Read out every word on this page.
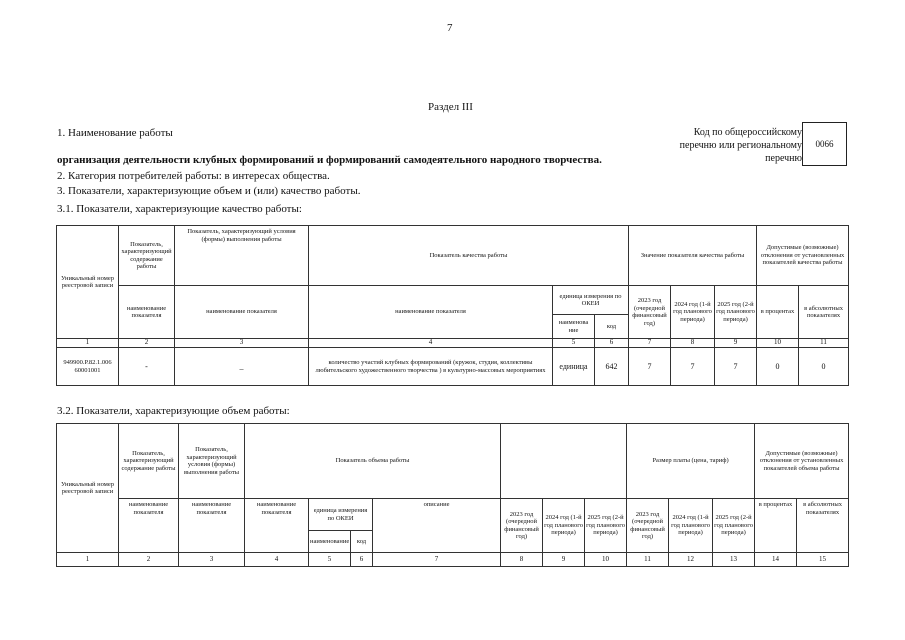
7
Раздел III
1. Наименование работы	Код по общероссийскому перечню или региональному перечню
0066
организация деятельности клубных формирований и формирований самодеятельного народного творчества.
2. Категория потребителей работы: в интересах общества.
3. Показатели, характеризующие объем и (или) качество работы.
3.1. Показатели, характеризующие качество работы:
Уникальный номер реестровой записи	Показатель, характеризующий содержание работы	Показатель, характеризующий условия (формы) выполнения работы	Показатель качества работы			Значение показателя качества работы			Допустимые (возможные) отклонения от установленных показателей качества работы	
	наименование показателя	наименование показателя	наименование показателя	единица измерения по ОКЕИ		2023 год (очередной финансовый год)	2024 год (1-й год планового периода)	2025 год (2-й год планового периода)	в процентах	в абсолютных показателях
				наименова ние	код					
1	2	3	4	5	6	7	8	9	10	11
949900.Р.82.1.006 60001001	-	_	количество участий клубных формирований (кружок, студия, коллективы любительского художественного творчества ) в культурно-массовых мероприятиях	единица	642	7	7	7	0	0
3.2. Показатели, характеризующие объем работы:
Уникальный номер реестровой записи	Показатель, характеризующий содержание работы	Показатель, характеризующий условия (формы) выполнения работы	Показатель объема работы							Размер платы (цена, тариф)			Допустимые (возможные) отклонения от установленных показателей объема работы	
	наименование показателя	наименование показателя	наименование показателя	единица измерения по ОКЕИ		описание	2023 год (очередной финансовый год)	2024 год (1-й год планового периода)	2025 год (2-й год планового периода)	2023 год (очередной финансовый год)	2024 год (1-й год планового периода)	2025 год (2-й год планового периода)	в процентах	в абсолютных показателях
				наименование	код									
1	2	3	4	5	6	7	8	9	10	11	12	13	14	15
